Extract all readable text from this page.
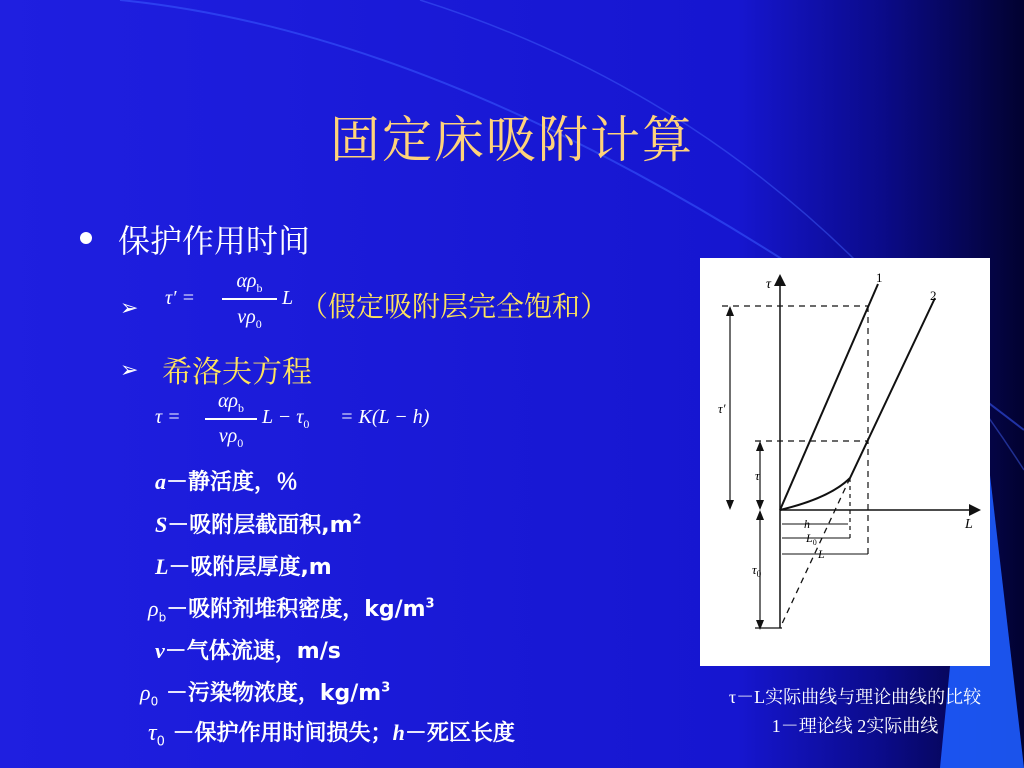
固定床吸附计算
保护作用时间
➢ τ′ =
$\alpha\rho_b$
$v\rho_0$
L （假定吸附层完全饱和）
➢ 希洛夫方程
τ =
$\alpha\rho_b$
$v\rho_0$
$L - \tau_0 = K(L - h)$
a－静活度，％
S－吸附层截面积$,m^2$
L－吸附层厚度,m
$\rho_b-$吸附剂堆积密度，$kg/m^3$
v－气体流速，m/s
$\rho_0$ －污染物浓度，$kg/m^3$
$\tau_0$ －保护作用时间损失；h－死区长度
τ
L
1
2
τ′
τ
$\tau_0$
h
$L_0$
L
τ－L实际曲线与理论曲线的比较
1－理论线 2实际曲线
